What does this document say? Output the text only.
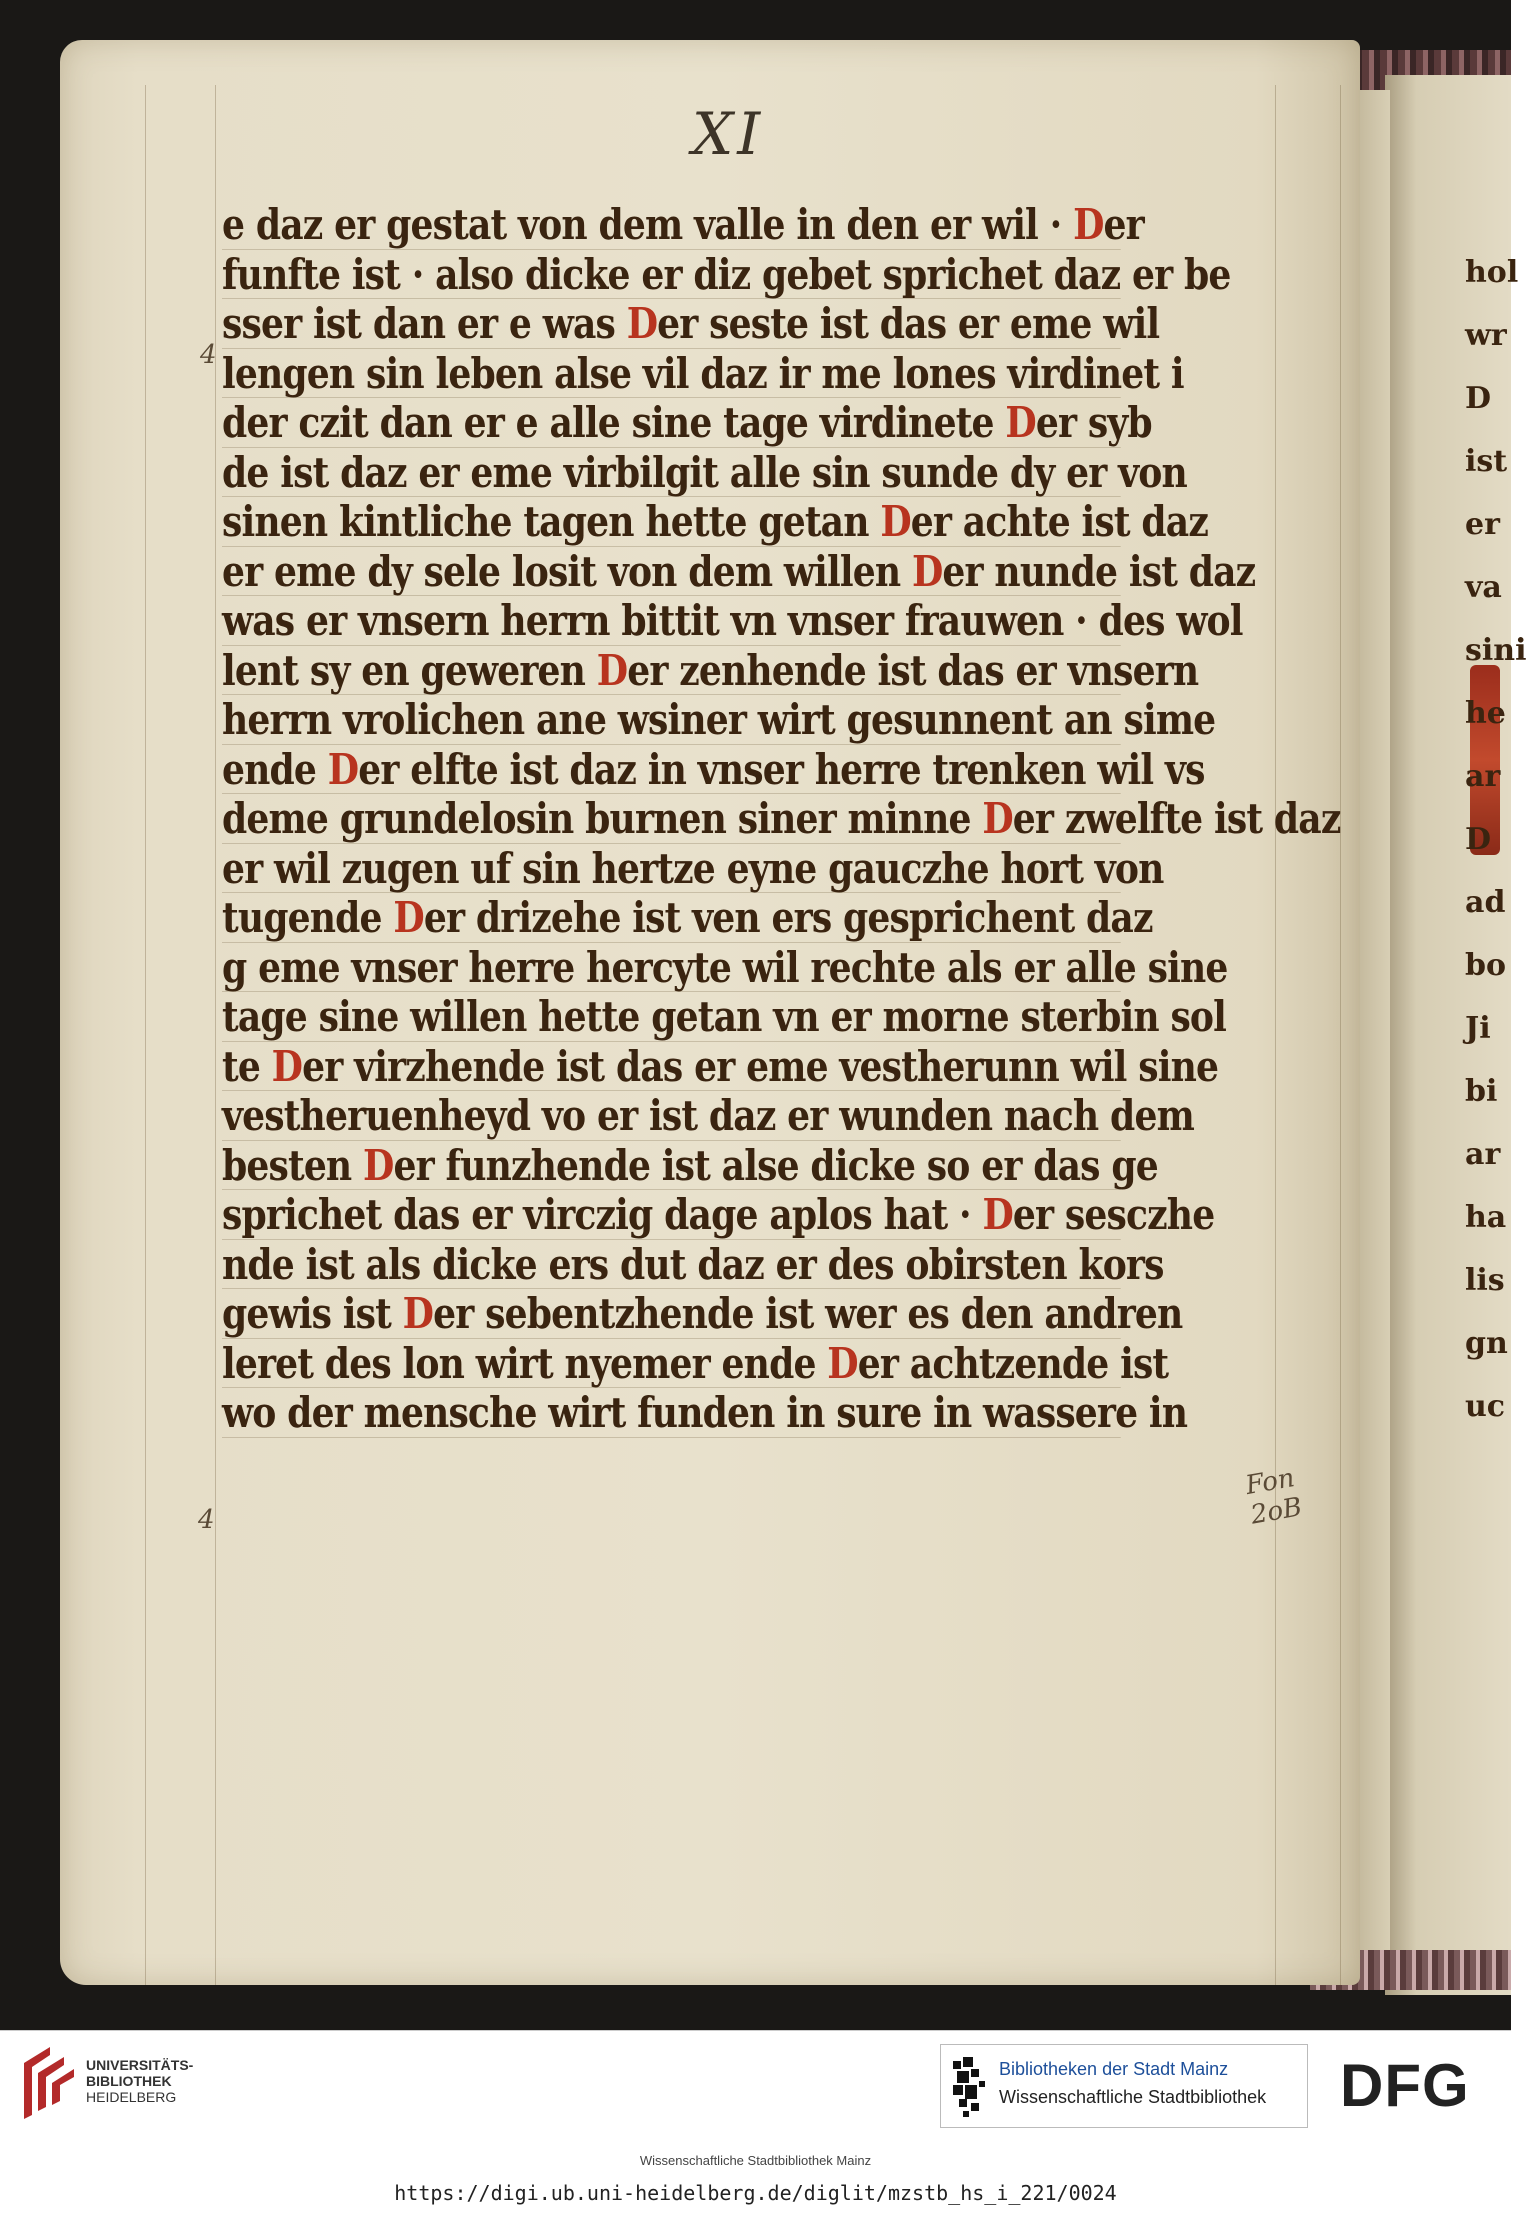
XI
e daz er gestat von dem valle in den er wil · Der
funfte ist · also dicke er diz gebet sprichet daz er be
sser ist dan er e was Der seste ist das er eme wil
lengen sin leben alse vil daz ir me lones virdinet i
der czit dan er e alle sine tage virdinete Der syb
de ist daz er eme virbilgit alle sin sunde dy er von
sinen kintliche tagen hette getan Der achte ist daz
er eme dy sele losit von dem willen Der nunde ist daz
was er vnsern herrn bittit vn vnser frauwen · des wol
lent sy en geweren Der zenhende ist das er vnsern
herrn vrolichen ane wsiner wirt gesunnent an sime
ende Der elfte ist daz in vnser herre trenken wil vs
deme grundelosin burnen siner minne Der zwelfte ist daz
er wil zugen uf sin hertze eyne gauczhe hort von
tugende Der drizehe ist ven ers gesprichent daz
g eme vnser herre hercyte wil rechte als er alle sine
tage sine willen hette getan vn er morne sterbin sol
te Der virzhende ist das er eme vestherunn wil sine
vestheruenheyd vo er ist daz er wunden nach dem
besten Der funzhende ist alse dicke so er das ge
sprichet das er virczig dage aplos hat · Der sesczhe
nde ist als dicke ers dut daz er des obirsten kors
gewis ist Der sebentzhende ist wer es den andren
leret des lon wirt nyemer ende Der achtzende ist
wo der menschе wirt funden in sure in wassere in
4
4
Fon 2oB
hol
wr
D
ist
er
va
sini
he
ar
D
ad
bo
Ji
bi
ar
ha
lis
gn
uc
UNIVERSITÄTS-
BIBLIOTHEK
HEIDELBERG
Bibliotheken der Stadt Mainz
Wissenschaftliche Stadtbibliothek DFG
Wissenschaftliche Stadtbibliothek Mainz
https://digi.ub.uni-heidelberg.de/diglit/mzstb_hs_i_221/0024
